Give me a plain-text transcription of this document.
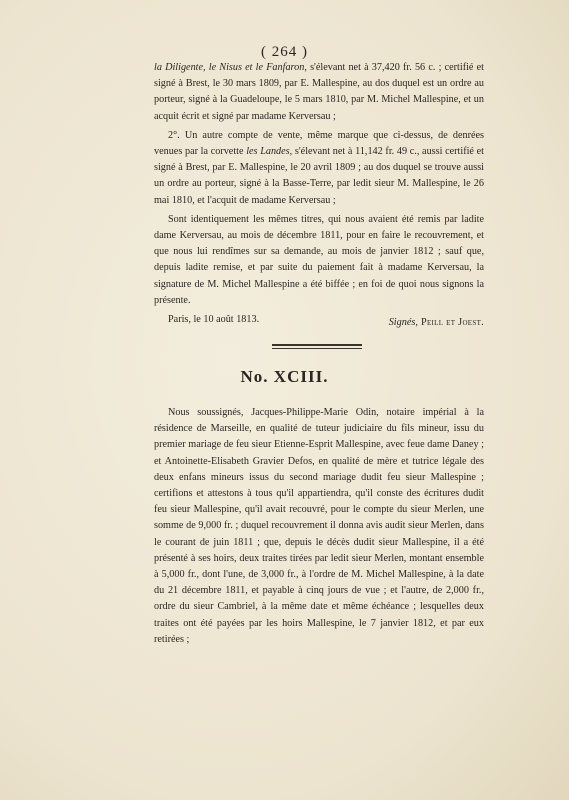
( 264 )

la Diligente, le Nisus et le Fanfaron, s'élevant net à 37,420 fr. 56 c. ; certifié et signé à Brest, le 30 mars 1809, par E. Mallespine, au dos duquel est un ordre au porteur, signé à la Guadeloupe, le 5 mars 1810, par M. Michel Mallespine, et un acquit écrit et signé par madame Kerversau ;

2°. Un autre compte de vente, même marque que ci-dessus, de denrées venues par la corvette les Landes, s'élevant net à 11,142 fr. 49 c., aussi certifié et signé à Brest, par E. Mallespine, le 20 avril 1809 ; au dos duquel se trouve aussi un ordre au porteur, signé à la Basse-Terre, par ledit sieur M. Mallespine, le 26 mai 1810, et l'acquit de madame Kerversau ;

Sont identiquement les mêmes titres, qui nous avaient été remis par ladite dame Kerversau, au mois de décembre 1811, pour en faire le recouvrement, et que nous lui rendîmes sur sa demande, au mois de janvier 1812 ; sauf que, depuis ladite remise, et par suite du paiement fait à madame Kerversau, la signature de M. Michel Mallespine a été biffée ; en foi de quoi nous signons la présente.

Paris, le 10 août 1813.	Signés, Peill et Joest.
No. XCIII.

Nous soussignés, Jacques-Philippe-Marie Odin, notaire impérial à la résidence de Marseille, en qualité de tuteur judiciaire du fils mineur, issu du premier mariage de feu sieur Etienne-Esprit Mallespine, avec feue dame Daney ; et Antoinette-Elisabeth Gravier Defos, en qualité de mère et tutrice légale des deux enfans mineurs issus du second mariage dudit feu sieur Mallespine ; certifions et attestons à tous qu'il appartiendra, qu'il conste des écritures dudit feu sieur Mallespine, qu'il avait recouvré, pour le compte du sieur Merlen, une somme de 9,000 fr. ; duquel recouvrement il donna avis audit sieur Merlen, dans le courant de juin 1811 ; que, depuis le décès dudit sieur Mallespine, il a été présenté à ses hoirs, deux traites tirées par ledit sieur Merlen, montant ensemble à 5,000 fr., dont l'une, de 3,000 fr., à l'ordre de M. Michel Mallespine, à la date du 21 décembre 1811, et payable à cinq jours de vue ; et l'autre, de 2,000 fr., ordre du sieur Cambriel, à la même date et même échéance ; lesquelles deux traites ont été payées par les hoirs Mallespine, le 7 janvier 1812, et par eux retirées ;
